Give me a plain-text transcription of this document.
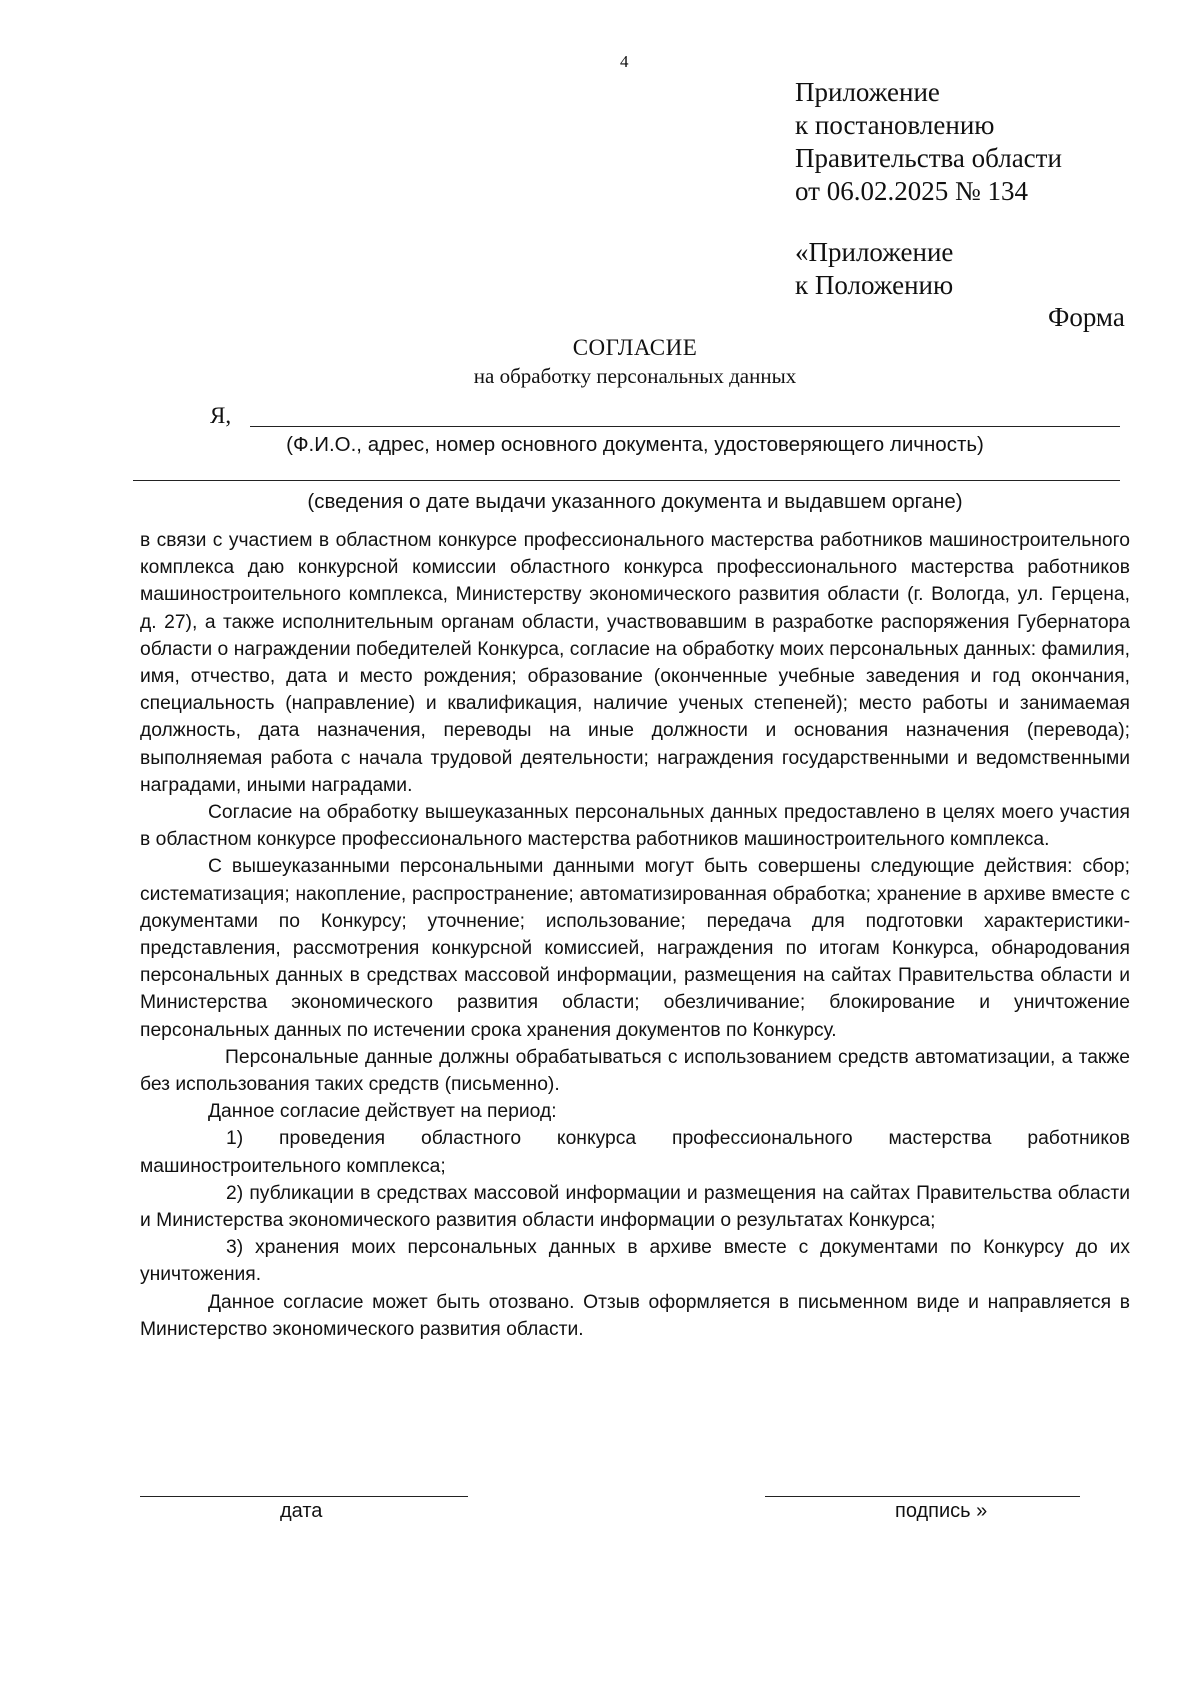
4
Приложение
к постановлению
Правительства области
от 06.02.2025 № 134
«Приложение
к Положению
Форма
СОГЛАСИЕ
на обработку персональных данных
Я,
(Ф.И.О., адрес, номер основного документа, удостоверяющего личность)
(сведения о дате выдачи указанного документа и выдавшем органе)

в связи с участием в областном конкурсе профессионального мастерства работников машиностроительного комплекса даю конкурсной комиссии областного конкурса профессионального мастерства работников машиностроительного комплекса, Министерству экономического развития области (г. Вологда, ул. Герцена, д. 27), а также исполнительным органам области, участвовавшим в разработке распоряжения Губернатора области о награждении победителей Конкурса, согласие на обработку моих персональных данных: фамилия, имя, отчество, дата и место рождения; образование (оконченные учебные заведения и год окончания, специальность (направление) и квалификация, наличие ученых степеней); место работы и занимаемая должность, дата назначения, переводы на иные должности и основания назначения (перевода); выполняемая работа с начала трудовой деятельности; награждения государственными и ведомственными наградами, иными наградами.

Согласие на обработку вышеуказанных персональных данных предоставлено в целях моего участия в областном конкурсе профессионального мастерства работников машиностроительного комплекса.

С вышеуказанными персональными данными могут быть совершены следующие действия: сбор; систематизация; накопление, распространение; автоматизированная обработка; хранение в архиве вместе с документами по Конкурсу; уточнение; использование; передача для подготовки характеристики-представления, рассмотрения конкурсной комиссией, награждения по итогам Конкурса, обнародования персональных данных в средствах массовой информации, размещения на сайтах Правительства области и Министерства экономического развития области; обезличивание; блокирование и уничтожение персональных данных по истечении срока хранения документов по Конкурсу.

Персональные данные должны обрабатываться с использованием средств автоматизации, а также без использования таких средств (письменно).

Данное согласие действует на период:

1) проведения областного конкурса профессионального мастерства работников машиностроительного комплекса;

2) публикации в средствах массовой информации и размещения на сайтах Правительства области и Министерства экономического развития области информации о результатах Конкурса;

3) хранения моих персональных данных в архиве вместе с документами по Конкурсу до их уничтожения.

Данное согласие может быть отозвано. Отзыв оформляется в письменном виде и направляется в Министерство экономического развития области.

дата	подпись »
